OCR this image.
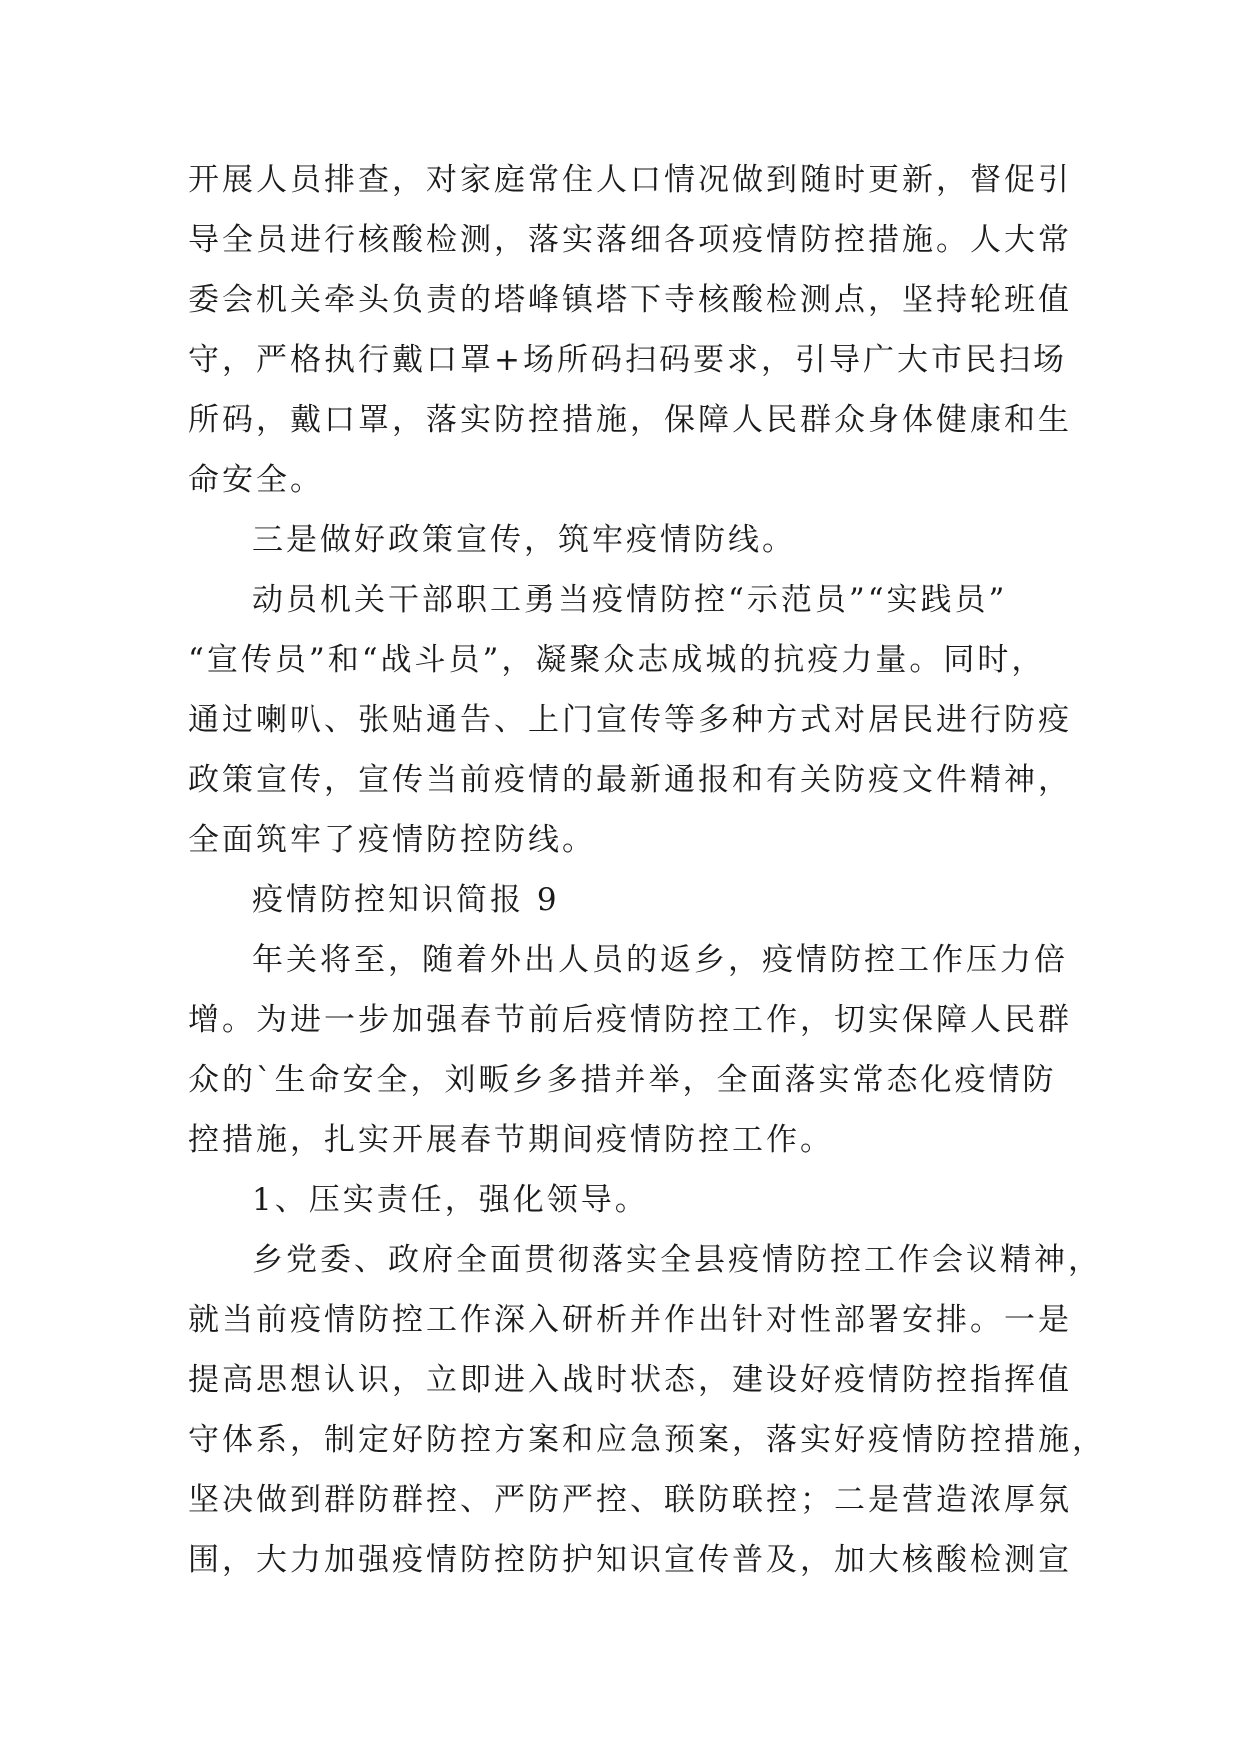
开展人员排查，对家庭常住人口情况做到随时更新，督促引
导全员进行核酸检测，落实落细各项疫情防控措施。人大常
委会机关牵头负责的塔峰镇塔下寺核酸检测点，坚持轮班值
守，严格执行戴口罩+场所码扫码要求，引导广大市民扫场
所码，戴口罩，落实防控措施，保障人民群众身体健康和生
命安全。
三是做好政策宣传，筑牢疫情防线。
动员机关干部职工勇当疫情防控“示范员”“实践员”
“宣传员”和“战斗员”，凝聚众志成城的抗疫力量。同时，
通过喇叭、张贴通告、上门宣传等多种方式对居民进行防疫
政策宣传，宣传当前疫情的最新通报和有关防疫文件精神，
全面筑牢了疫情防控防线。
疫情防控知识简报 9
年关将至，随着外出人员的返乡，疫情防控工作压力倍
增。为进一步加强春节前后疫情防控工作，切实保障人民群
众的`生命安全，刘畈乡多措并举，全面落实常态化疫情防
控措施，扎实开展春节期间疫情防控工作。
1、压实责任，强化领导。
乡党委、政府全面贯彻落实全县疫情防控工作会议精神，
就当前疫情防控工作深入研析并作出针对性部署安排。一是
提高思想认识，立即进入战时状态，建设好疫情防控指挥值
守体系，制定好防控方案和应急预案，落实好疫情防控措施，
坚决做到群防群控、严防严控、联防联控；二是营造浓厚氛
围，大力加强疫情防控防护知识宣传普及，加大核酸检测宣
